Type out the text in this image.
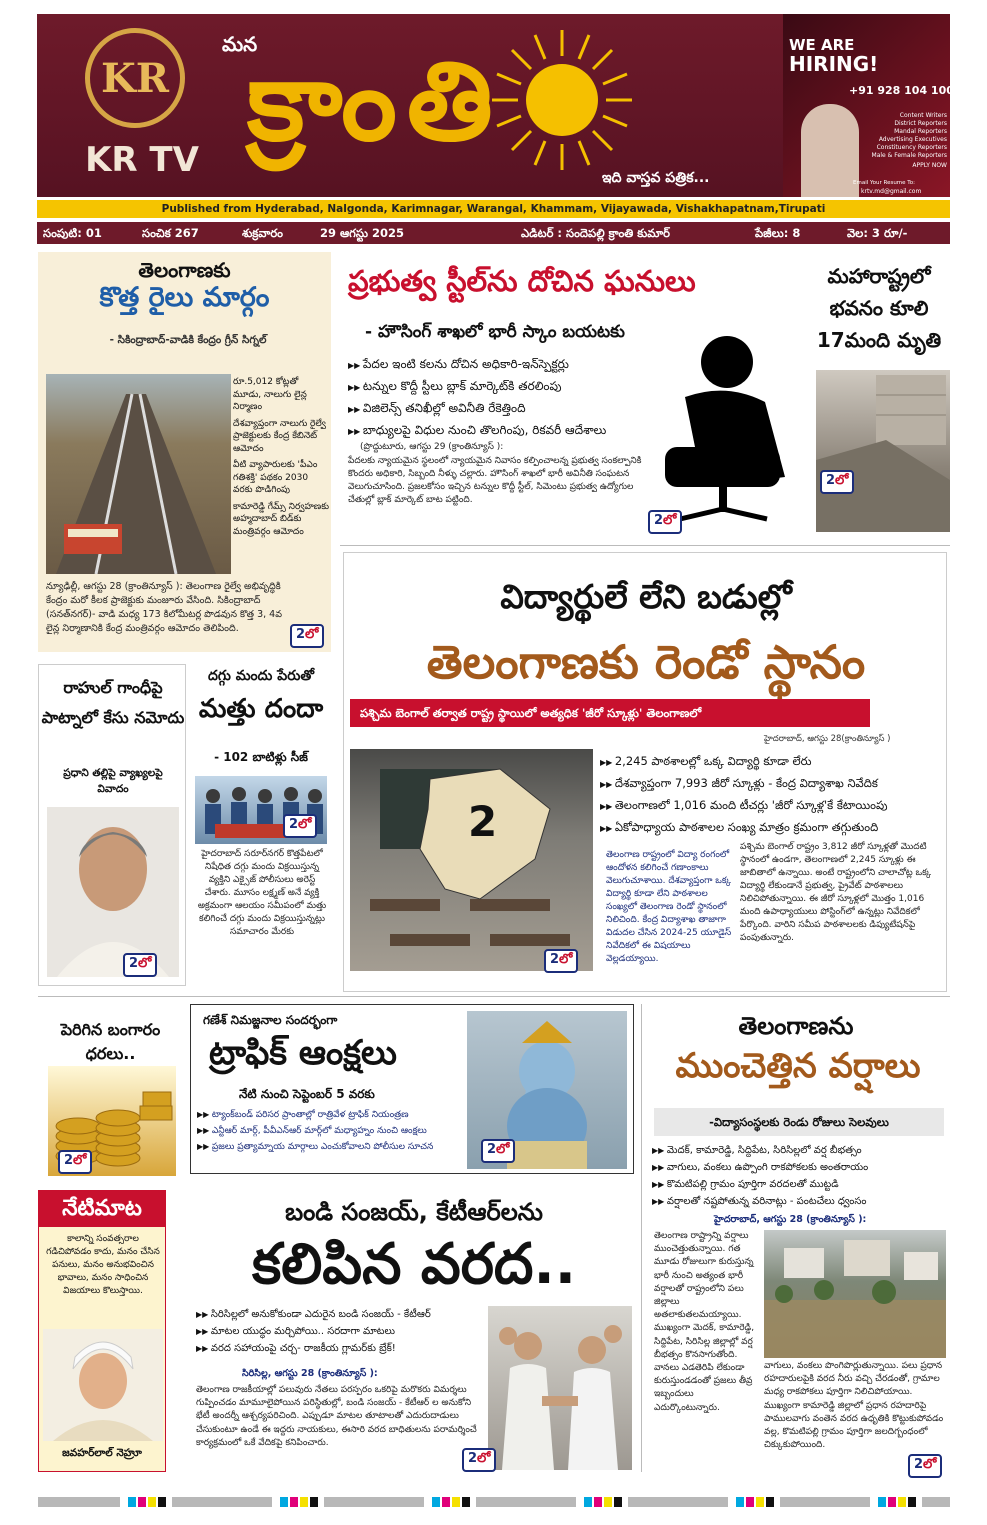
KR
KR TV
మన
క్రాంతి
ఇది వాస్తవ పత్రిక...
WE ARE
HIRING!
+91 928 104 1008
Content Writers
District Reporters
Mandal Reporters
Advertising Executives
Constituency Reporters
Male & Female Reporters
APPLY NOW
Email Your Resume To:
krtv.md@gmail.com
Published from Hyderabad, Nalgonda, Karimnagar, Warangal, Khammam, Vijayawada, Vishakhapatnam,Tirupati
సంపుటి: 01	సంచిక 267	శుక్రవారం	29 ఆగస్టు 2025	ఎడిటర్ : సందెపల్లి క్రాంతి కుమార్	పేజీలు: 8	వెల: 3 రూ/-
తెలంగాణకు
కొత్త రైలు మార్గం
- సికింద్రాబాద్-వాడికి కేంద్రం గ్రీన్ సిగ్నల్
రూ.5,012 కోట్లతో మూడు, నాలుగు లైన్ల నిర్మాణం
దేశవ్యాప్తంగా నాలుగు రైల్వే ప్రాజెక్టులకు కేంద్ర కేబినెట్ ఆమోదం
వీటి వ్యాపారులకు 'పీఎం గతిశక్తి' పథకం 2030 వరకు పొడిగింపు
కామారెడ్డి గేమ్స్ నిర్వహణకు అహ్మదాబాద్ బిడ్‌కు మంత్రివర్గం ఆమోదం
న్యూఢిల్లీ, ఆగస్టు 28 (క్రాంతిన్యూస్ ): తెలంగాణ రైల్వే అభివృద్ధికి కేంద్రం మరో కీలక ప్రాజెక్టుకు మంజూరు వేసింది. సికింద్రాబాద్ (సనత్‌నగర్)- వాడి మధ్య 173 కిలోమీటర్ల పొడవున కొత్త 3, 4వ లైన్ల నిర్మాణానికి కేంద్ర మంత్రివర్గం ఆమోదం తెలిపింది.	2లో
ప్రభుత్వ స్టీల్‌ను దోచిన ఘనులు
- హౌసింగ్ శాఖలో భారీ స్కాం బయటకు
▶▶ పేదల ఇంటి కలను దోచిన అధికారి-ఇన్‌స్పెక్టర్లు
▶▶ టన్నుల కొద్దీ స్టీలు బ్లాక్ మార్కెట్‌కి తరలింపు
▶▶ విజిలెన్స్ తనిఖీల్లో అవినీతి రేకెత్తింది
▶▶ బాధ్యులపై విధుల నుంచి తొలగింపు, రికవరీ ఆదేశాలు
(ప్రొద్దుటూరు, ఆగస్టు 29 (క్రాంతిన్యూస్ ):
పేదలకు న్యాయమైన స్థలంలో న్యాయమైన నివాసం కల్పించాలన్న ప్రభుత్వ సంకల్పానికి కొందరు అధికారి, సిబ్బంది నీళ్ళు చల్లారు. హౌసింగ్ శాఖలో భారీ అవినీతి సంఘటన వెలుగుచూసింది. ప్రజలకోసం ఇచ్చిన టన్నుల కొద్దీ స్టీల్, సిమెంటు ప్రభుత్వ ఉద్యోగుల చేతుల్లో బ్లాక్ మార్కెట్ బాట పట్టింది.
2లో
మహారాష్ట్రలో భవనం కూలి 17మంది మృతి
2లో
విద్యార్థులే లేని బడుల్లో
తెలంగాణకు రెండో స్థానం
పశ్చిమ బెంగాల్ తర్వాత రాష్ట్ర స్థాయిలో అత్యధిక 'జీరో స్కూళ్లు' తెలంగాణలో
హైదరాబాద్, ఆగస్టు 28(క్రాంతిన్యూస్ )
2
2లో
▶▶ 2,245 పాఠశాలల్లో ఒక్క విద్యార్థి కూడా లేరు
▶▶ దేశవ్యాప్తంగా 7,993 జీరో స్కూళ్లు - కేంద్ర విద్యాశాఖ నివేదిక
▶▶ తెలంగాణలో 1,016 మంది టీచర్లు 'జీరో స్కూళ్ల'కే కేటాయింపు
▶▶ ఏకోపాధ్యాయ పాఠశాలల సంఖ్య మాత్రం క్రమంగా తగ్గుతుంది
తెలంగాణ రాష్ట్రంలో విద్యా రంగంలో ఆందోళన కలిగించే గణాంకాలు వెలుగుచూశాయి. దేశవ్యాప్తంగా ఒక్క విద్యార్థి కూడా లేని పాఠశాలల సంఖ్యలో తెలంగాణ రెండో స్థానంలో నిలిచింది. కేంద్ర విద్యాశాఖ తాజాగా విడుదల చేసిన 2024-25 యూడైస్ నివేదికలో ఈ విషయాలు వెల్లడయ్యాయి.
పశ్చిమ బెంగాల్ రాష్ట్రం 3,812 జీరో స్కూళ్లతో మొదటి స్థానంలో ఉండగా, తెలంగాణలో 2,245 స్కూళ్లు ఈ జాబితాలో ఉన్నాయి. అంటే రాష్ట్రంలోని చాలాచోట్ల ఒక్క విద్యార్థి లేకుండానే ప్రభుత్వ, ప్రైవేట్ పాఠశాలలు నిలిచిపోతున్నాయి. ఈ జీరో స్కూళ్లలో మొత్తం 1,016 మంది ఉపాధ్యాయులు పోస్టింగ్‌లో ఉన్నట్లు నివేదికలో పేర్కొంది. వారిని సమీప పాఠశాలలకు డిప్యుటేషన్‌పై పంపుతున్నారు.
రాహుల్ గాంధీపై పాట్నాలో కేసు నమోదు
ప్రధాని తల్లిపై వ్యాఖ్యలపై వివాదం
2లో
దగ్గు మందు పేరుతో
మత్తు దందా
- 102 బాటిళ్లు సీజ్
2లో
హైదరాబాద్ సరూర్‌నగర్ కొత్తపేటలో నిషేధిత దగ్గు మందు విక్రయిస్తున్న వ్యక్తిని ఎక్సైజ్ పోలీసులు అరెస్ట్ చేశారు. మూసం లక్ష్మణ్ అనే వ్యక్తి అక్రమంగా ఆలయం సమీపంలో మత్తు కలిగించే దగ్గు మందు విక్రయిస్తున్నట్లు సమాచారం మేరకు
పెరిగిన బంగారం ధరలు..
2లో
గణేశ్ నిమజ్జనాల సందర్భంగా
ట్రాఫిక్ ఆంక్షలు
నేటి నుంచి సెప్టెంబర్ 5 వరకు
▶▶ ట్యాంక్‌బండ్ పరిసర ప్రాంతాల్లో రాత్రివేళ ట్రాఫిక్ నియంత్రణ
▶▶ ఎన్టీఆర్ మార్గ్, పీవీఎన్ఆర్ మార్గ్‌లో మధ్యాహ్నం నుంచి ఆంక్షలు
▶▶ ప్రజలు ప్రత్యామ్నాయ మార్గాలు ఎంచుకోవాలని పోలీసుల సూచన	2లో
తెలంగాణను
ముంచెత్తిన వర్షాలు
-విద్యాసంస్థలకు రెండు రోజులు సెలవులు
▶▶ మెదక్, కామారెడ్డి, సిద్దిపేట, సిరిసిల్లలో వర్ష బీభత్సం
▶▶ వాగులు, వంకలు ఉప్పొంగి రాకపోకలకు అంతరాయం
▶▶ కొమటిపల్లి గ్రామం పూర్తిగా వరదలతో ముట్టడి
▶▶ వర్షాలతో నష్టపోతున్న వరినాట్లు - పంటచేలు ధ్వంసం
హైదరాబాద్, ఆగస్టు 28 (క్రాంతిన్యూస్ ):
తెలంగాణ రాష్ట్రాన్ని వర్షాలు ముంచెత్తుతున్నాయి. గత మూడు రోజులుగా కురుస్తున్న భారీ నుంచి అత్యంత భారీ వర్షాలతో రాష్ట్రంలోని పలు జిల్లాలు అతలాకుతలమయ్యాయి. ముఖ్యంగా మెదక్, కామారెడ్డి, సిద్దిపేట, సిరిసిల్ల జిల్లాల్లో వర్ష బీభత్సం కొనసాగుతోంది. వానలు ఎడతెరిపి లేకుండా కురుస్తుండడంతో ప్రజలు తీవ్ర ఇబ్బందులు ఎదుర్కొంటున్నారు.
వాగులు, వంకలు పొంగిపొర్లుతున్నాయి. పలు ప్రధాన రహదారులపైకి వరద నీరు వచ్చి చేరడంతో, గ్రామాల మధ్య రాకపోకలు పూర్తిగా నిలిచిపోయాయి. ముఖ్యంగా కామారెడ్డి జిల్లాలో ప్రధాన రహదారిపై పాములవాగు వంతెన వరద ఉధృతికి కొట్టుకుపోవడం వల్ల, కొమటిపల్లి గ్రామం పూర్తిగా జలదిగ్బంధంలో చిక్కుకుపోయింది.
2లో
నేటిమాట
కాలాన్ని సంవత్సరాల గడిచిపోవడం కాదు, మనం చేసిన పనులు, మనం అనుభవించిన భావాలు, మనం సాధించిన విజయాలు కొలుస్తాయి.
జవహర్‌లాల్ నెహ్రూ
బండి సంజయ్, కేటీఆర్‌లను
కలిపిన వరద..
▶▶ సిరిసిల్లలో అనుకోకుండా ఎదురైన బండి సంజయ్ - కేటీఆర్
▶▶ మాటల యుద్ధం మర్చిపోయి.. సరదాగా మాటలు
▶▶ వరద సహాయంపై చర్చ- రాజకీయ గ్లామర్‌కు బ్రేక్!
సిరిసిల్ల, ఆగస్టు 28 (క్రాంతిన్యూస్ ):
తెలంగాణ రాజకీయాల్లో పలువురు నేతలు పరస్పరం ఒకరిపై మరొకరు విమర్శలు గుప్పించడం మామూలైపోయిన పరిస్థితుల్లో, బండి సంజయ్ - కేటీఆర్ ల అనుకోని భేటీ అందర్నీ ఆశ్చర్యపరిచింది. ఎప్పుడూ మాటల తూటాలతో ఎదురుదాడులు చేసుకుంటూ ఉండే ఈ ఇద్దరు నాయకులు, ఈసారి వరద బాధితులను పరామర్శించే కార్యక్రమంలో ఒకే వేదికపై కనిపించారు.
2లో
